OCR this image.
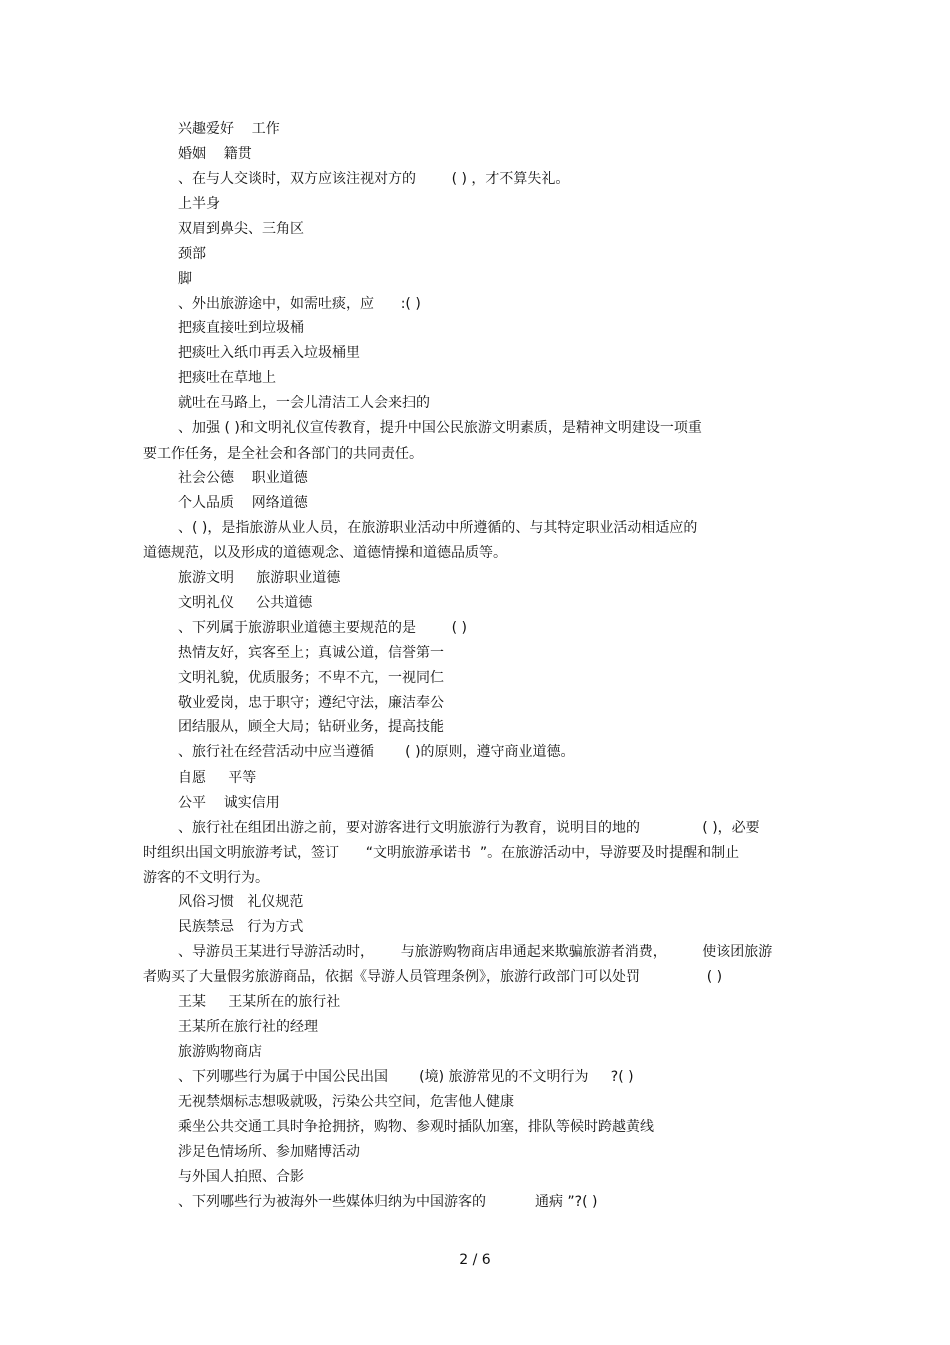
兴趣爱好    工作
婚姻    籍贯
、在与人交谈时，双方应该注视对方的        ( ) ，才不算失礼。
上半身
双眉到鼻尖、三角区
颈部
脚
、外出旅游途中，如需吐痰，应      :( )
把痰直接吐到垃圾桶
把痰吐入纸巾再丢入垃圾桶里
把痰吐在草地上
就吐在马路上，一会儿清洁工人会来扫的
、加强 ( )和文明礼仪宣传教育，提升中国公民旅游文明素质，是精神文明建设一项重
要工作任务，是全社会和各部门的共同责任。
社会公德    职业道德
个人品质    网络道德
、( )，是指旅游从业人员，在旅游职业活动中所遵循的、与其特定职业活动相适应的
道德规范，以及形成的道德观念、道德情操和道德品质等。
旅游文明     旅游职业道德
文明礼仪     公共道德
、下列属于旅游职业道德主要规范的是        ( )
热情友好，宾客至上；真诚公道，信誉第一
文明礼貌，优质服务；不卑不亢，一视同仁
敬业爱岗，忠于职守；遵纪守法，廉洁奉公
团结服从，顾全大局；钻研业务，提高技能
、旅行社在经营活动中应当遵循       ( )的原则，遵守商业道德。
自愿     平等
公平    诚实信用
、旅行社在组团出游之前，要对游客进行文明旅游行为教育，说明目的地的              ( )，必要
时组织出国文明旅游考试，签订      “文明旅游承诺书  ”。在旅游活动中，导游要及时提醒和制止
游客的不文明行为。
风俗习惯   礼仪规范
民族禁忌   行为方式
、导游员王某进行导游活动时，      与旅游购物商店串通起来欺骗旅游者消费，        使该团旅游
者购买了大量假劣旅游商品，依据《导游人员管理条例》，旅游行政部门可以处罚               ( )
王某     王某所在的旅行社
王某所在旅行社的经理
旅游购物商店
、下列哪些行为属于中国公民出国       (境) 旅游常见的不文明行为     ?( )
无视禁烟标志想吸就吸，污染公共空间，危害他人健康
乘坐公共交通工具时争抢拥挤，购物、参观时插队加塞，排队等候时跨越黄线
涉足色情场所、参加赌博活动
与外国人拍照、合影
、下列哪些行为被海外一些媒体归纳为中国游客的           通病 ”?( )
2 / 6
